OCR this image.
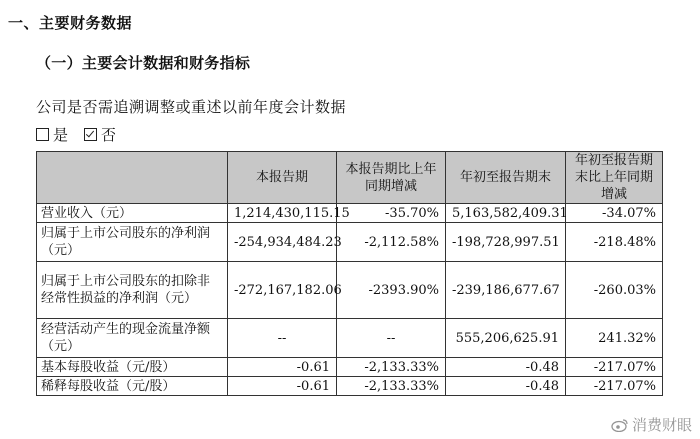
一、主要财务数据
（一）主要会计数据和财务指标
公司是否需追溯调整或重述以前年度会计数据
是 否
	本报告期	本报告期比上年同期增减	年初至报告期末	年初至报告期末比上年同期增减
营业收入（元）	1,214,430,115.15	-35.70%	5,163,582,409.31	-34.07%
归属于上市公司股东的净利润（元）	-254,934,484.23	-2,112.58%	-198,728,997.51	-218.48%
归属于上市公司股东的扣除非经常性损益的净利润（元）	-272,167,182.06	-2393.90%	-239,186,677.67	-260.03%
经营活动产生的现金流量净额（元）	--	--	555,206,625.91	241.32%
基本每股收益（元/股）	-0.61	-2,133.33%	-0.48	-217.07%
稀释每股收益（元/股）	-0.61	-2,133.33%	-0.48	-217.07%
消费财眼
